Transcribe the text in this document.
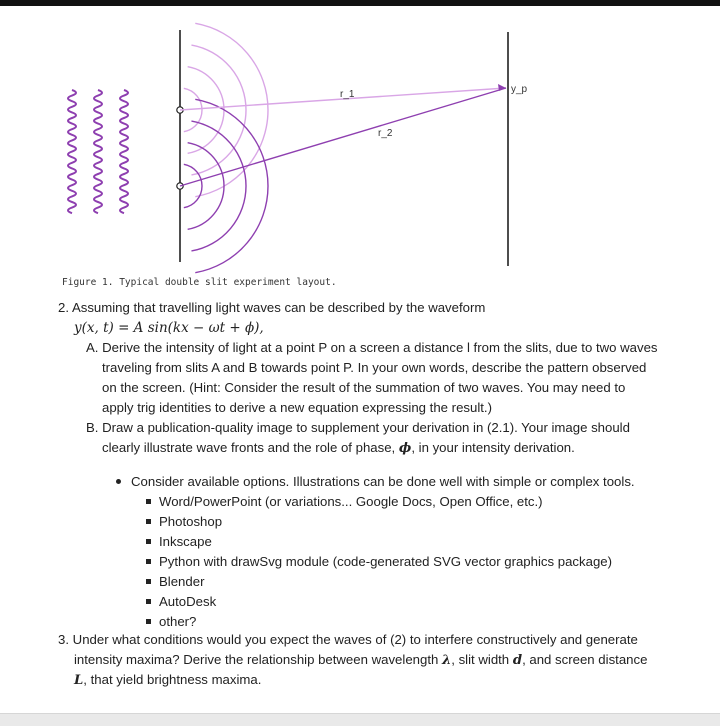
r_1
r_2
y_p
Figure 1. Typical double slit experiment layout.
2. Assuming that travelling light waves can be described by the waveform
y(x, t) = A sin(kx − ωt + ϕ),
A. Derive the intensity of light at a point P on a screen a distance l from the slits, due to two waves
traveling from slits A and B towards point P. In your own words, describe the pattern observed
on the screen. (Hint: Consider the result of the summation of two waves. You may need to
apply trig identities to derive a new equation expressing the result.)
B. Draw a publication-quality image to supplement your derivation in (2.1). Your image should
clearly illustrate wave fronts and the role of phase, ϕ, in your intensity derivation.
Consider available options. Illustrations can be done well with simple or complex tools.
Word/PowerPoint (or variations... Google Docs, Open Office, etc.)
Photoshop
Inkscape
Python with drawSvg module (code-generated SVG vector graphics package)
Blender
AutoDesk
other?
3. Under what conditions would you expect the waves of (2) to interfere constructively and generate
intensity maxima? Derive the relationship between wavelength λ, slit width d, and screen distance
L, that yield brightness maxima.
